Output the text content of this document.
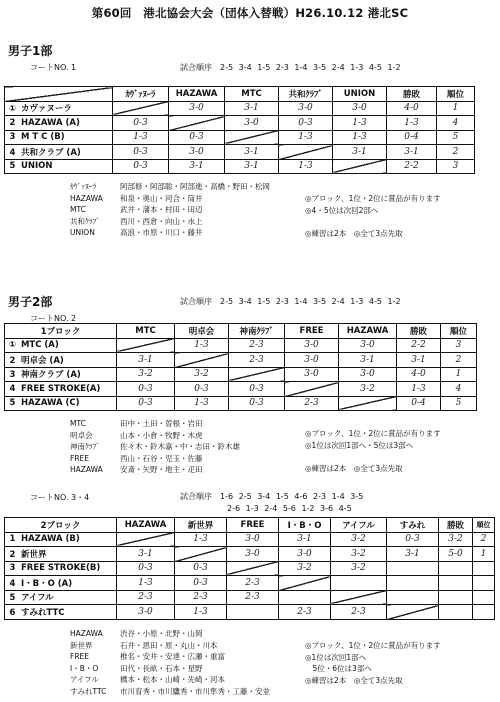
第60回　港北協会大会（団体入替戦）H26.10.12 港北SC
男子1部
コートNO. 1	試合順序　2-5 3-4 1-5 2-3 1-4 3-5 2-4 1-3 4-5 1-2
	ｶｳﾞｧﾇｰﾗ	HAZAWA	MTC	共和ｸﾗﾌﾞ	UNION	勝敗	順位
① カヴァヌーラ		3-0	3-1	3-0	3-0	4-0	1
2 HAZAWA (A)	0-3		3-0	0-3	1-3	1-3	4
3 M T C (B)	1-3	0-3		1-3	1-3	0-4	5
4 共和クラブ (A)	0-3	3-0	3-1		3-1	3-1	2
5 UNION	0-3	3-1	3-1	1-3		2-2	3
ｶｳﾞｧﾇｰﾗ	阿部修・阿部聡・阿部進・高橋・野田・松岡
HAZAWA 和泉・奥山・河合・筒井
MTC	武井・藩本・村田・田辺
共和ｸﾗﾌﾞ	西川・西倉・向山・水上
UNION	高浪・市原・川口・藤井
◎ブロック、1位・2位に賞品が有ります
◎4・5位は次回2部へ
◎練習は2本　◎全て3点先取
男子2部
コートNO. 2
試合順序　2-5 3-4 1-5 2-3 1-4 3-5 2-4 1-3 4-5 1-2
1ブロック	MTC	明卓会	神南ｸﾗﾌﾞ	FREE	HAZAWA	勝敗	順位
① MTC (A)		1-3	2-3	3-0	3-0	2-2	3
2 明卓会 (A)	3-1		2-3	3-0	3-1	3-1	2
3 神南クラブ (A)	3-2	3-2		3-0	3-0	4-0	1
4 FREE STROKE(A)	0-3	0-3	0-3		3-2	1-3	4
5 HAZAWA (C)	0-3	1-3	0-3	2-3		0-4	5
MTC	田中・土田・曽根・岩田
明卓会	山本・小倉・牧野・木虎
神南ｸﾗﾌﾞ	佐々木・鈴木嘉・中・志田・鈴木雄
FREE	西山・石谷・児玉・佐藤
HAZAWA 安斎・矢野・地主・疋田
◎ブロック、1位・2位に賞品が有ります
◎1位は次回1部へ・5位は3部へ
◎練習は2本　◎全て3点先取
コートNO. 3・4	試合順序　1-6 2-5 3-4 1-5 4-6 2-3 1-4 3-5
2-6 1-3 2-4 5-6 1-2 3-6 4-5
2ブロック	HAZAWA	新世界	FREE	I・B・O	アイフル	すみれ	勝敗	順位
1 HAZAWA (B)		1-3	3-0	3-1	3-2	0-3	3-2	2
2 新世界	3-1		3-0	3-0	3-2	3-1	5-0	1
3 FREE STROKE(B)	0-3	0-3		3-2	3-2			
4 I・B・O (A)	1-3	0-3	2-3					
5 アイフル	2-3	2-3	2-3					
6 すみれTTC	3-0	1-3		2-3	2-3			
HAZAWA 渋谷・小原・北野・山岡
新世界	石井・恩田・原・丸山・川本
FREE	椎名・安井・安達・広瀬・重富
I・B・O	田代・長畝・石本・星野
アイフル	橋本・松本・山崎・先崎・河本
すみれTTC 市川育秀・市川鷹秀・市川隼秀・工藤・安並
◎ブロック、1位・2位に賞品が有ります
◎1位は次回1部へ
　5位・6位は3部へ
◎練習は2本　◎全て3点先取
